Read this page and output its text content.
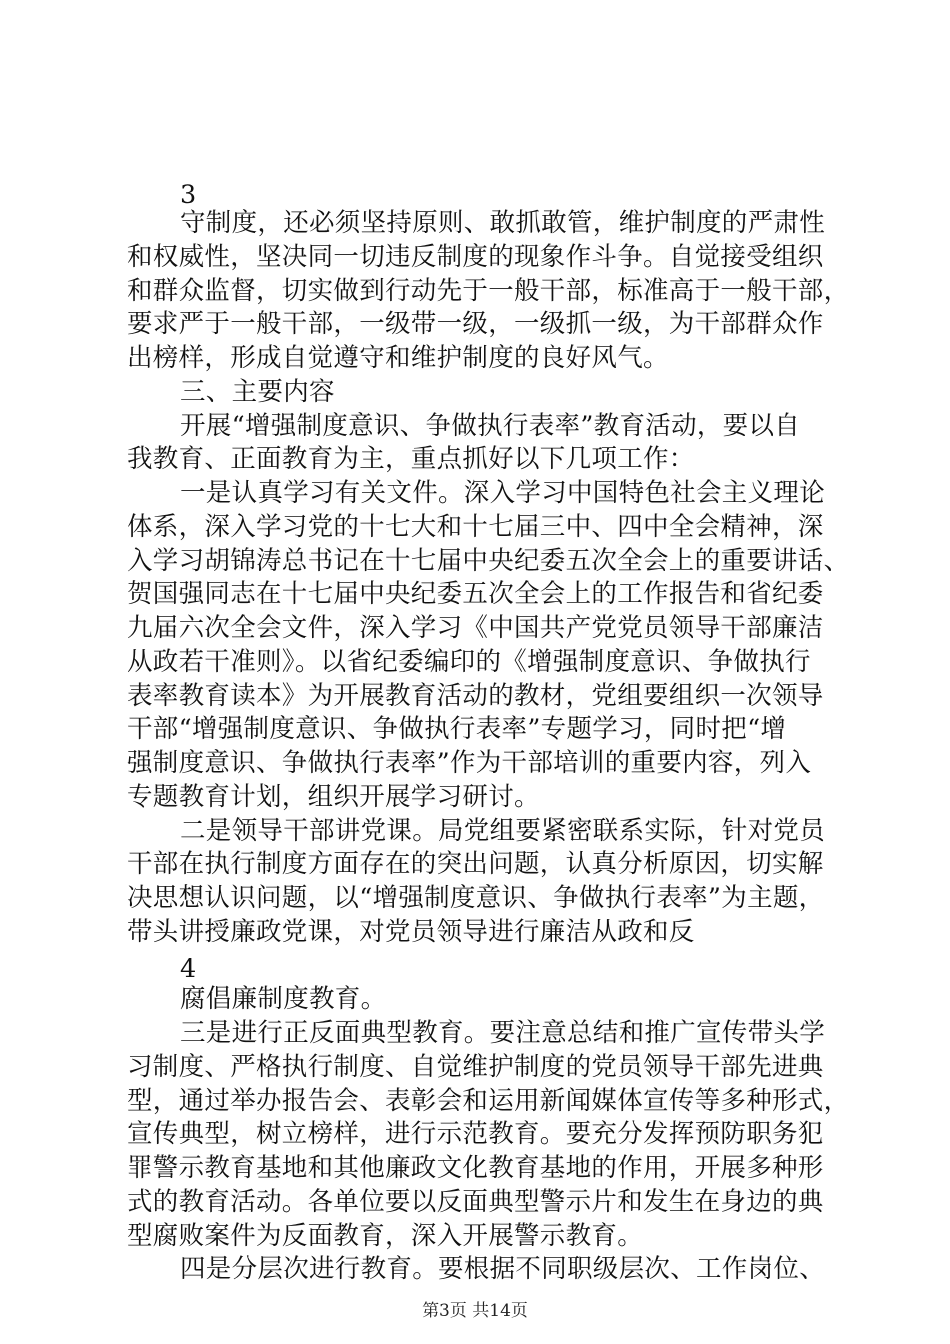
3
守制度，还必须坚持原则、敢抓敢管，维护制度的严肃性
和权威性，坚决同一切违反制度的现象作斗争。自觉接受组织
和群众监督，切实做到行动先于一般干部，标准高于一般干部，
要求严于一般干部，一级带一级，一级抓一级，为干部群众作
出榜样，形成自觉遵守和维护制度的良好风气。
三、主要内容
开展“增强制度意识、争做执行表率”教育活动，要以自
我教育、正面教育为主，重点抓好以下几项工作：
一是认真学习有关文件。深入学习中国特色社会主义理论
体系，深入学习党的十七大和十七届三中、四中全会精神，深
入学习胡锦涛总书记在十七届中央纪委五次全会上的重要讲话、
贺国强同志在十七届中央纪委五次全会上的工作报告和省纪委
九届六次全会文件，深入学习《中国共产党党员领导干部廉洁
从政若干准则》。以省纪委编印的《增强制度意识、争做执行
表率教育读本》为开展教育活动的教材，党组要组织一次领导
干部“增强制度意识、争做执行表率”专题学习，同时把“增
强制度意识、争做执行表率”作为干部培训的重要内容，列入
专题教育计划，组织开展学习研讨。
二是领导干部讲党课。局党组要紧密联系实际，针对党员
干部在执行制度方面存在的突出问题，认真分析原因，切实解
决思想认识问题，以“增强制度意识、争做执行表率”为主题，
带头讲授廉政党课，对党员领导进行廉洁从政和反
4
腐倡廉制度教育。
三是进行正反面典型教育。要注意总结和推广宣传带头学
习制度、严格执行制度、自觉维护制度的党员领导干部先进典
型，通过举办报告会、表彰会和运用新闻媒体宣传等多种形式，
宣传典型，树立榜样，进行示范教育。要充分发挥预防职务犯
罪警示教育基地和其他廉政文化教育基地的作用，开展多种形
式的教育活动。各单位要以反面典型警示片和发生在身边的典
型腐败案件为反面教育，深入开展警示教育。
四是分层次进行教育。要根据不同职级层次、工作岗位、
第3页 共14页
